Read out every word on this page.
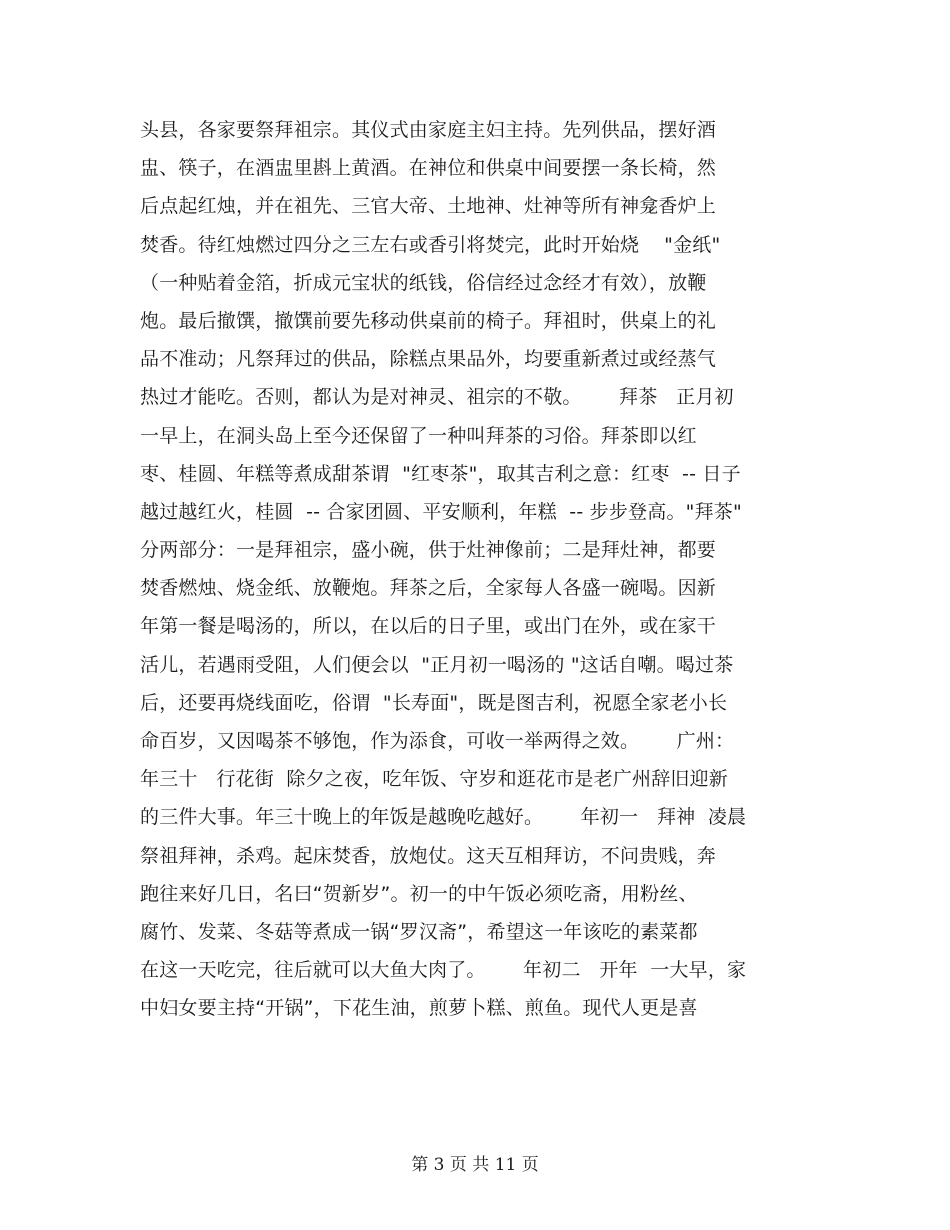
头县，各家要祭拜祖宗。其仪式由家庭主妇主持。先列供品，摆好酒
盅、筷子，在酒盅里斟上黄酒。在神位和供桌中间要摆一条长椅，然
后点起红烛，并在祖先、三官大帝、土地神、灶神等所有神龛香炉上
焚香。待红烛燃过四分之三左右或香引将焚完，此时开始烧    "金纸"
（一种贴着金箔，折成元宝状的纸钱，俗信经过念经才有效），放鞭
炮。最后撤馔，撤馔前要先移动供桌前的椅子。拜祖时，供桌上的礼
品不准动；凡祭拜过的供品，除糕点果品外，均要重新煮过或经蒸气
热过才能吃。否则，都认为是对神灵、祖宗的不敬。      拜茶   正月初
一早上，在洞头岛上至今还保留了一种叫拜茶的习俗。拜茶即以红
枣、桂圆、年糕等煮成甜茶谓  "红枣茶"，取其吉利之意：红枣  -- 日子
越过越红火，桂圆  -- 合家团圆、平安顺利，年糕  -- 步步登高。"拜茶"
分两部分：一是拜祖宗，盛小碗，供于灶神像前；二是拜灶神，都要
焚香燃烛、烧金纸、放鞭炮。拜茶之后，全家每人各盛一碗喝。因新
年第一餐是喝汤的，所以，在以后的日子里，或出门在外，或在家干
活儿，若遇雨受阻，人们便会以  "正月初一喝汤的 "这话自嘲。喝过茶
后，还要再烧线面吃，俗谓  "长寿面"，既是图吉利，祝愿全家老小长
命百岁，又因喝茶不够饱，作为添食，可收一举两得之效。      广州：
年三十   行花街  除夕之夜，吃年饭、守岁和逛花市是老广州辞旧迎新
的三件大事。年三十晚上的年饭是越晚吃越好。      年初一   拜神  凌晨
祭祖拜神，杀鸡。起床焚香，放炮仗。这天互相拜访，不问贵贱，奔
跑往来好几日，名曰“贺新岁”。初一的中午饭必须吃斋，用粉丝、
腐竹、发菜、冬菇等煮成一锅“罗汉斋”，希望这一年该吃的素菜都
在这一天吃完，往后就可以大鱼大肉了。      年初二   开年  一大早，家
中妇女要主持“开锅”，下花生油，煎萝卜糕、煎鱼。现代人更是喜
第 3 页 共 11 页
